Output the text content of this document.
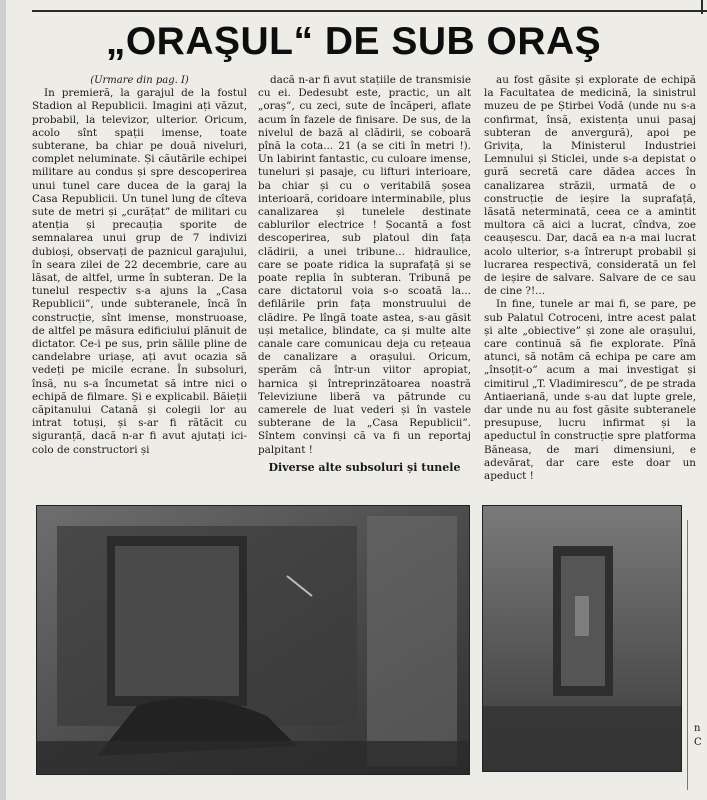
„ORAŞUL“ DE SUB ORAŞ

(Urmare din pag. I)

In premieră, la garajul de la fostul Stadion al Republicii. Imagini ați văzut, probabil, la televizor, ulterior. Oricum, acolo sînt spații imense, toate subterane, ba chiar pe două niveluri, complet neluminate. Și căutările echipei militare au condus și spre descoperirea unui tunel care ducea de la garaj la Casa Republicii. Un tunel lung de cîteva sute de metri și „curățat” de militari cu atenția și precauția sporite de semnalarea unui grup de 7 indivizi dubioși, observați de paznicul garajului, în seara zilei de 22 decembrie, care au lăsat, de altfel, urme în subteran. De la tunelul respectiv s-a ajuns la „Casa Republicii”, unde subteranele, încă în construcție, sînt imense, monstruoase, de altfel pe măsura edificiului plănuit de dictator. Ce-i pe sus, prin sălile pline de candelabre uriașe, ați avut ocazia să vedeți pe micile ecrane. În subsoluri, însă, nu s-a încumetat să intre nici o echipă de filmare. Și e explicabil. Băieții căpitanului Catană și colegii lor au intrat totuși, și s-ar fi rătăcit cu siguranță, dacă n-ar fi avut ajutați ici-colo de constructori și

dacă n-ar fi avut stațiile de transmisie cu ei. Dedesubt este, practic, un alt „oraș”, cu zeci, sute de încăperi, aflate acum în fazele de finisare. De sus, de la nivelul de bază al clădirii, se coboară pînă la cota... 21 (a se citi în metri !). Un labirint fantastic, cu culoare imense, tuneluri și pasaje, cu lifturi interioare, ba chiar și cu o veritabilă șosea interioară, coridoare interminabile, plus canalizarea și tunelele destinate cablurilor electrice ! Șocantă a fost descoperirea, sub platoul din fața clădirii, a unei tribune... hidraulice, care se poate ridica la suprafață și se poate replia în subteran. Tribună pe care dictatorul voia s-o scoată la... defilările prin fața monstruului de clădire. Pe lîngă toate astea, s-au găsit uși metalice, blindate, ca și multe alte canale care comunicau deja cu rețeaua de canalizare a orașului. Oricum, sperăm că într-un viitor apropiat, harnica și întreprinzătoarea noastră Televiziune liberă va pătrunde cu camerele de luat vederi și în vastele subterane de la „Casa Republicii”. Sîntem convinși că va fi un reportaj palpitant !

Diverse alte subsoluri și tunele

au fost găsite și explorate de echipă la Facultatea de medicină, la sinistrul muzeu de pe Știrbei Vodă (unde nu s-a confirmat, însă, existența unui pasaj subteran de anvergură), apoi pe Grivița, la Ministerul Industriei Lemnului și Sticlei, unde s-a depistat o gură secretă care dădea acces în canalizarea străzii, urmată de o construcție de ieșire la suprafață, lăsată neterminată, ceea ce a amintit multora că aici a lucrat, cîndva, zoe ceaușescu. Dar, dacă ea n-a mai lucrat acolo ulterior, s-a întrerupt probabil și lucrarea respectivă, considerată un fel de ieșire de salvare. Salvare de ce sau de cine ?!...

In fine, tunele ar mai fi, se pare, pe sub Palatul Cotroceni, intre acest palat și alte „obiective” și zone ale orașului, care continuă să fie explorate. Pînă atunci, să notăm că echipa pe care am „însoțit-o” acum a mai investigat și cimitirul „T. Vladimirescu”, de pe strada Antiaeriană, unde s-au dat lupte grele, dar unde nu au fost găsite subteranele presupuse, lucru infirmat și la apeductul în construcție spre platforma Băneasa, de mari dimensiuni, e adevărat, dar care este doar un apeduct !

n C
